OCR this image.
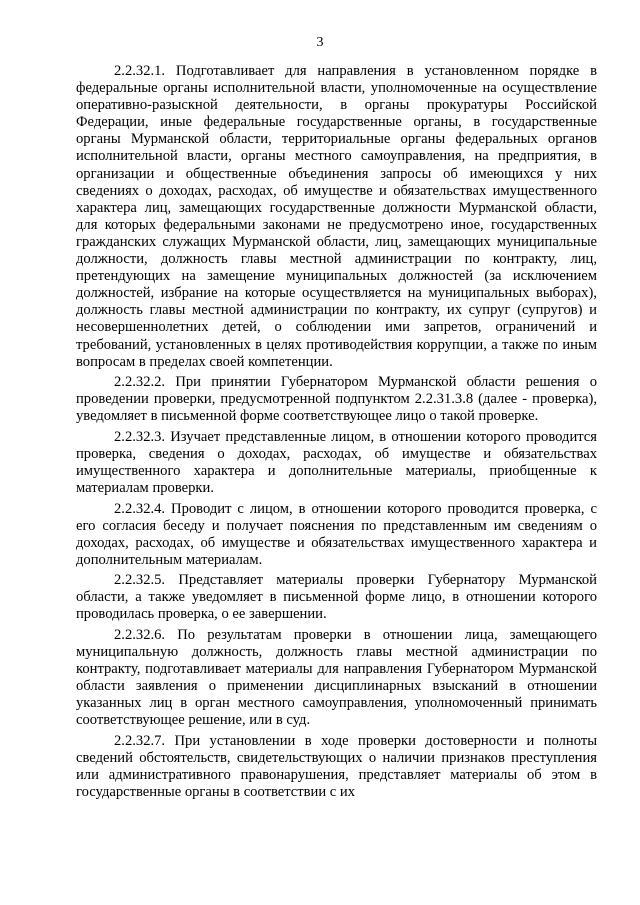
3

2.2.32.1. Подготавливает для направления в установленном порядке в федеральные органы исполнительной власти, уполномоченные на осуществление оперативно-разыскной деятельности, в органы прокуратуры Российской Федерации, иные федеральные государственные органы, в государственные органы Мурманской области, территориальные органы федеральных органов исполнительной власти, органы местного самоуправления, на предприятия, в организации и общественные объединения запросы об имеющихся у них сведениях о доходах, расходах, об имуществе и обязательствах имущественного характера лиц, замещающих государственные должности Мурманской области, для которых федеральными законами не предусмотрено иное, государственных гражданских служащих Мурманской области, лиц, замещающих муниципальные должности, должность главы местной администрации по контракту, лиц, претендующих на замещение муниципальных должностей (за исключением должностей, избрание на которые осуществляется на муниципальных выборах), должность главы местной администрации по контракту, их супруг (супругов) и несовершеннолетних детей, о соблюдении ими запретов, ограничений и требований, установленных в целях противодействия коррупции, а также по иным вопросам в пределах своей компетенции.

2.2.32.2. При принятии Губернатором Мурманской области решения о проведении проверки, предусмотренной подпунктом 2.2.31.3.8 (далее - проверка), уведомляет в письменной форме соответствующее лицо о такой проверке.

2.2.32.3. Изучает представленные лицом, в отношении которого проводится проверка, сведения о доходах, расходах, об имуществе и обязательствах имущественного характера и дополнительные материалы, приобщенные к материалам проверки.

2.2.32.4. Проводит с лицом, в отношении которого проводится проверка, с его согласия беседу и получает пояснения по представленным им сведениям о доходах, расходах, об имуществе и обязательствах имущественного характера и дополнительным материалам.

2.2.32.5. Представляет материалы проверки Губернатору Мурманской области, а также уведомляет в письменной форме лицо, в отношении которого проводилась проверка, о ее завершении.

2.2.32.6. По результатам проверки в отношении лица, замещающего муниципальную должность, должность главы местной администрации по контракту, подготавливает материалы для направления Губернатором Мурманской области заявления о применении дисциплинарных взысканий в отношении указанных лиц в орган местного самоуправления, уполномоченный принимать соответствующее решение, или в суд.

2.2.32.7. При установлении в ходе проверки достоверности и полноты сведений обстоятельств, свидетельствующих о наличии признаков преступления или административного правонарушения, представляет материалы об этом в государственные органы в соответствии с их
